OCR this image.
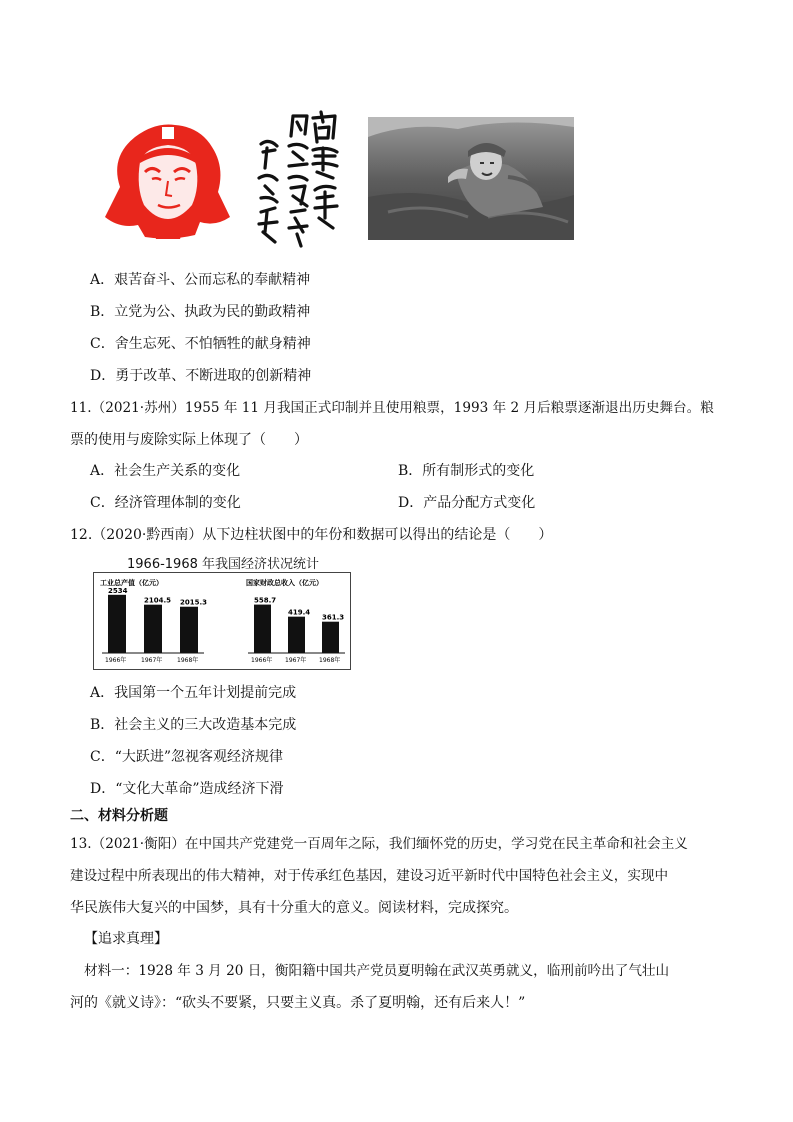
A．艰苦奋斗、公而忘私的奉献精神
B．立党为公、执政为民的勤政精神
C．舍生忘死、不怕牺牲的献身精神
D．勇于改革、不断进取的创新精神
11.（2021·苏州）1955 年 11 月我国正式印制并且使用粮票，1993 年 2 月后粮票逐渐退出历史舞台。粮
票的使用与废除实际上体现了（　　）
A．社会生产关系的变化	B．所有制形式的变化
C．经济管理体制的变化	D．产品分配方式变化
12.（2020·黔西南）从下边柱状图中的年份和数据可以得出的结论是（　　）
1966-1968 年我国经济状况统计
工业总产值（亿元）	国家财政总收入（亿元）
2534
1966年
2104.5
1967年
2015.3
1968年
558.7
1966年
419.4
1967年
361.3
1968年
A．我国第一个五年计划提前完成
B．社会主义的三大改造基本完成
C．“大跃进”忽视客观经济规律
D．“文化大革命”造成经济下滑
二、材料分析题
13.（2021·衡阳）在中国共产党建党一百周年之际，我们缅怀党的历史，学习党在民主革命和社会主义
建设过程中所表现出的伟大精神，对于传承红色基因，建设习近平新时代中国特色社会主义，实现中
华民族伟大复兴的中国梦，具有十分重大的意义。阅读材料，完成探究。
【追求真理】
材料一：1928 年 3 月 20 日，衡阳籍中国共产党员夏明翰在武汉英勇就义，临刑前吟出了气壮山
河的《就义诗》：“砍头不要紧，只要主义真。杀了夏明翰，还有后来人！”
